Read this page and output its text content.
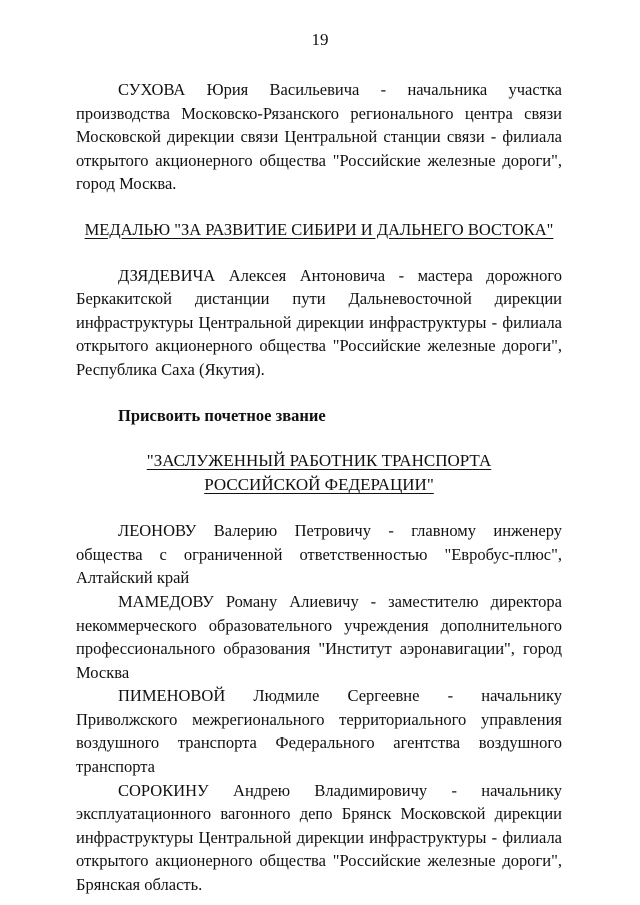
19

СУХОВА Юрия Васильевича - начальника участка производства Московско-Рязанского регионального центра связи Московской дирекции связи Центральной станции связи - филиала открытого акционерного общества "Российские железные дороги", город Москва.

МЕДАЛЬЮ "ЗА РАЗВИТИЕ СИБИРИ И ДАЛЬНЕГО ВОСТОКА"

ДЗЯДЕВИЧА Алексея Антоновича - мастера дорожного Беркакитской дистанции пути Дальневосточной дирекции инфраструктуры Центральной дирекции инфраструктуры - филиала открытого акционерного общества "Российские железные дороги", Республика Саха (Якутия).

Присвоить почетное звание

"ЗАСЛУЖЕННЫЙ РАБОТНИК ТРАНСПОРТА
РОССИЙСКОЙ ФЕДЕРАЦИИ"

ЛЕОНОВУ Валерию Петровичу - главному инженеру общества с ограниченной ответственностью "Евробус-плюс", Алтайский край

МАМЕДОВУ Роману Алиевичу - заместителю директора некоммерческого образовательного учреждения дополнительного профессионального образования "Институт аэронавигации", город Москва

ПИМЕНОВОЙ Людмиле Сергеевне - начальнику Приволжского межрегионального территориального управления воздушного транспорта Федерального агентства воздушного транспорта

СОРОКИНУ Андрею Владимировичу - начальнику эксплуатационного вагонного депо Брянск Московской дирекции инфраструктуры Центральной дирекции инфраструктуры - филиала открытого акционерного общества "Российские железные дороги", Брянская область.
